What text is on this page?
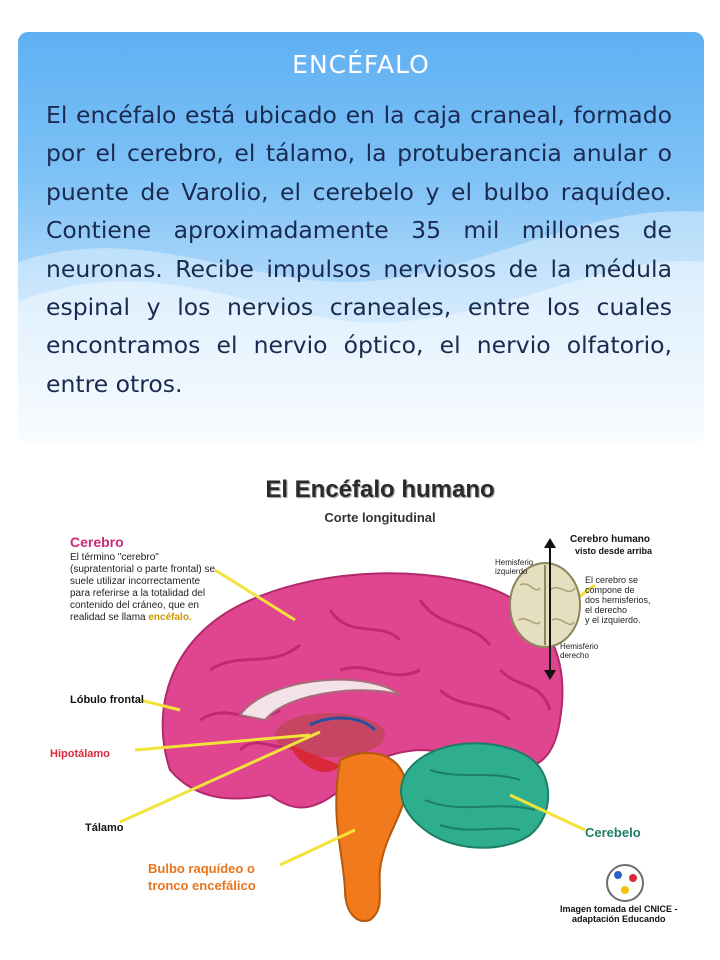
ENCÉFALO
El encéfalo está ubicado en la caja craneal, formado por el cerebro, el tálamo, la protuberancia anular o puente de Varolio, el cerebelo y el bulbo raquídeo. Contiene aproximadamente 35 mil millones de neuronas. Recibe impulsos nerviosos de la médula espinal y los nervios craneales, entre los cuales encontramos el nervio óptico, el nervio olfatorio, entre otros.
El Encéfalo humano
Corte longitudinal
Cerebro
El término "cerebro"
(supratentorial o parte frontal) se
suele utilizar incorrectamente
para referirse a la totalidad del
contenido del cráneo, que en
realidad se llama encéfalo.
Lóbulo frontal
Hipotálamo
Tálamo
Bulbo raquídeo o
tronco encefálico
Cerebelo
Cerebro humano
visto desde arriba
Hemisferio
izquierdo
Hemisferio
derecho
El cerebro se
compone de
dos hemisferios,
el derecho
y el izquierdo.
Imagen tomada del CNICE -
adaptación Educando
